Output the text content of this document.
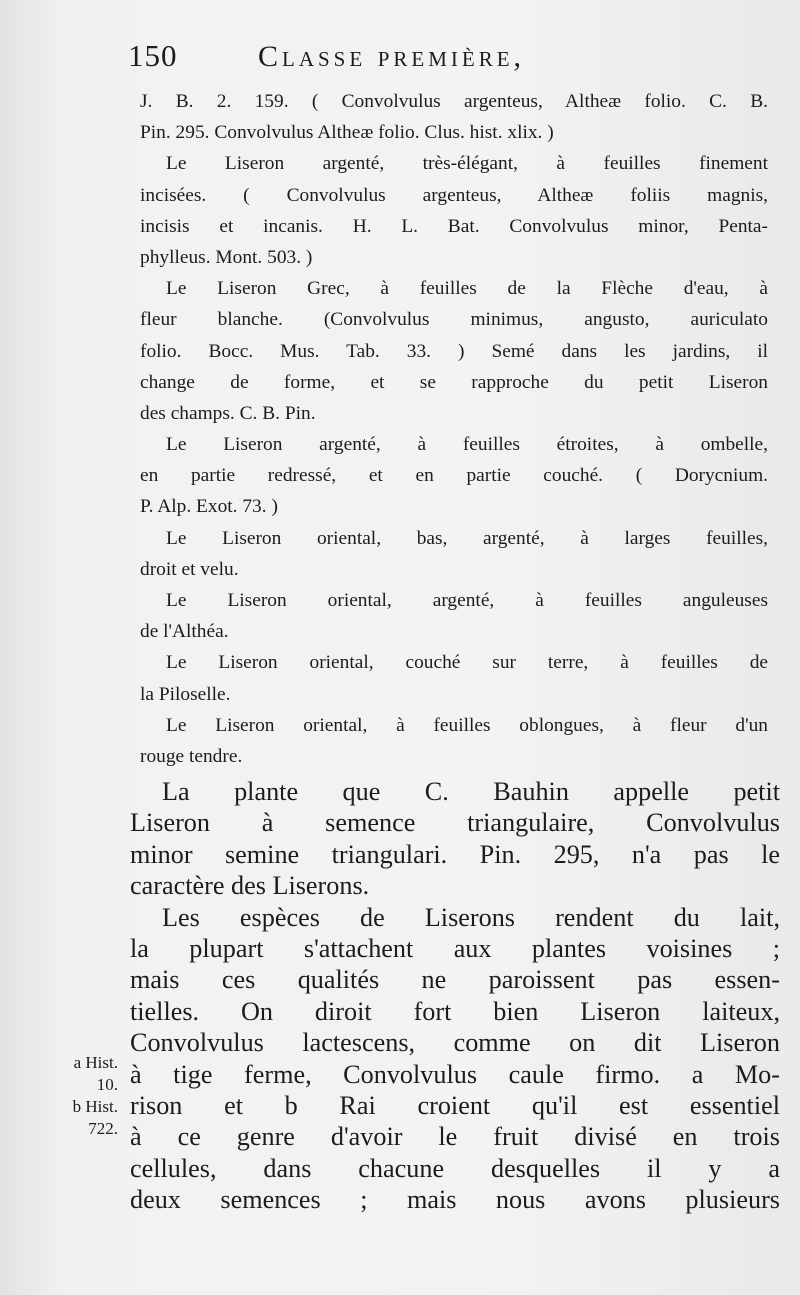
150	Classe première,
J. B. 2. 159. ( Convolvulus argenteus, Altheæ folio. C. B.
Pin. 295. Convolvulus Altheæ folio. Clus. hist. xlix. )
Le Liseron argenté, très-élégant, à feuilles finement
incisées. ( Convolvulus argenteus, Altheæ foliis magnis,
incisis et incanis. H. L. Bat. Convolvulus minor, Penta-
phylleus. Mont. 503. )
Le Liseron Grec, à feuilles de la Flèche d'eau, à
fleur blanche. (Convolvulus minimus, angusto, auriculato
folio. Bocc. Mus. Tab. 33. ) Semé dans les jardins, il
change de forme, et se rapproche du petit Liseron
des champs. C. B. Pin.
Le Liseron argenté, à feuilles étroites, à ombelle,
en partie redressé, et en partie couché. ( Dorycnium.
P. Alp. Exot. 73. )
Le Liseron oriental, bas, argenté, à larges feuilles,
droit et velu.
Le Liseron oriental, argenté, à feuilles anguleuses
de l'Althéa.
Le Liseron oriental, couché sur terre, à feuilles de
la Piloselle.
Le Liseron oriental, à feuilles oblongues, à fleur d'un
rouge tendre.
La plante que C. Bauhin appelle petit
Liseron à semence triangulaire, Convolvulus
minor semine triangulari. Pin. 295, n'a pas le
caractère des Liserons.
Les espèces de Liserons rendent du lait,
la plupart s'attachent aux plantes voisines ;
mais ces qualités ne paroissent pas essen-
tielles. On diroit fort bien Liseron laiteux,
Convolvulus lactescens, comme on dit Liseron
à tige ferme, Convolvulus caule firmo. a Mo-
rison et b Rai croient qu'il est essentiel
à ce genre d'avoir le fruit divisé en trois
cellules, dans chacune desquelles il y a
deux semences ; mais nous avons plusieurs
a Hist.
10.
b Hist.
722.
